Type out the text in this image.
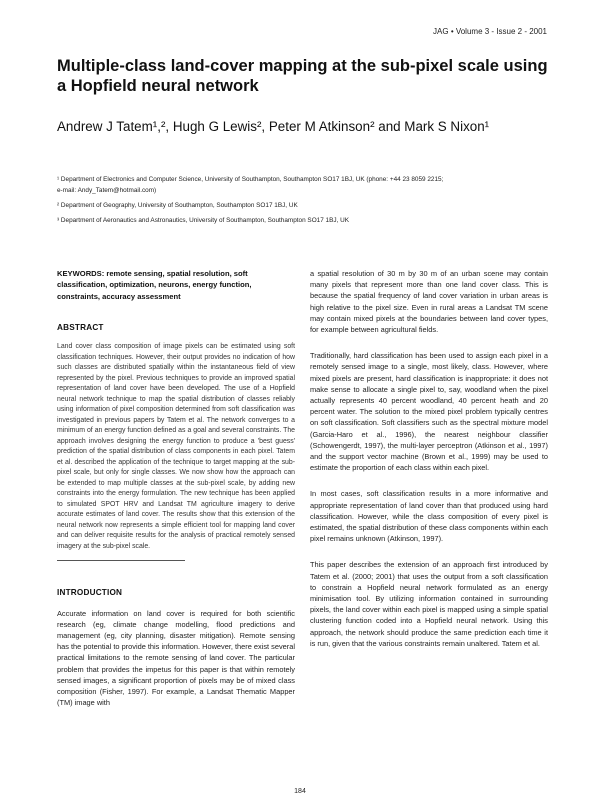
JAG • Volume 3 - Issue 2 - 2001
Multiple-class land-cover mapping at the sub-pixel scale using a Hopfield neural network

Andrew J Tatem¹,², Hugh G Lewis², Peter M Atkinson² and Mark S Nixon¹

¹ Department of Electronics and Computer Science, University of Southampton, Southampton SO17 1BJ, UK (phone: +44 23 8059 2215;

e-mail: Andy_Tatem@hotmail.com)

² Department of Geography, University of Southampton, Southampton SO17 1BJ, UK

³ Department of Aeronautics and Astronautics, University of Southampton, Southampton SO17 1BJ, UK

KEYWORDS: remote sensing, spatial resolution, soft classification, optimization, neurons, energy function, constraints, accuracy assessment

ABSTRACT

Land cover class composition of image pixels can be estimated using soft classification techniques. However, their output provides no indication of how such classes are distributed spatially within the instantaneous field of view represented by the pixel. Previous techniques to provide an improved spatial representation of land cover have been developed. The use of a Hopfield neural network technique to map the spatial distribution of classes reliably using information of pixel composition determined from soft classification was investigated in previous papers by Tatem et al. The network converges to a minimum of an energy function defined as a goal and several constraints. The approach involves designing the energy function to produce a 'best guess' prediction of the spatial distribution of class components in each pixel. Tatem et al. described the application of the technique to target mapping at the sub-pixel scale, but only for single classes. We now show how the approach can be extended to map multiple classes at the sub-pixel scale, by adding new constraints into the energy formulation. The new technique has been applied to simulated SPOT HRV and Landsat TM agriculture imagery to derive accurate estimates of land cover. The results show that this extension of the neural network now represents a simple efficient tool for mapping land cover and can deliver requisite results for the analysis of practical remotely sensed imagery at the sub-pixel scale.

INTRODUCTION

Accurate information on land cover is required for both scientific research (eg, climate change modelling, flood predictions and management (eg, city planning, disaster mitigation). Remote sensing has the potential to provide this information. However, there exist several practical limitations to the remote sensing of land cover. The particular problem that provides the impetus for this paper is that within remotely sensed images, a significant proportion of pixels may be of mixed class composition (Fisher, 1997). For example, a Landsat Thematic Mapper (TM) image with

a spatial resolution of 30 m by 30 m of an urban scene may contain many pixels that represent more than one land cover class. This is because the spatial frequency of land cover variation in urban areas is high relative to the pixel size. Even in rural areas a Landsat TM scene may contain mixed pixels at the boundaries between land cover types, for example between agricultural fields.

Traditionally, hard classification has been used to assign each pixel in a remotely sensed image to a single, most likely, class. However, where mixed pixels are present, hard classification is inappropriate: it does not make sense to allocate a single pixel to, say, woodland when the pixel actually represents 40 percent woodland, 40 percent heath and 20 percent water. The solution to the mixed pixel problem typically centres on soft classification. Soft classifiers such as the spectral mixture model (Garcia-Haro et al., 1996), the nearest neighbour classifier (Schowengerdt, 1997), the multi-layer perceptron (Atkinson et al., 1997) and the support vector machine (Brown et al., 1999) may be used to estimate the proportion of each class within each pixel.

In most cases, soft classification results in a more informative and appropriate representation of land cover than that produced using hard classification. However, while the class composition of every pixel is estimated, the spatial distribution of these class components within each pixel remains unknown (Atkinson, 1997).

This paper describes the extension of an approach first introduced by Tatem et al. (2000; 2001) that uses the output from a soft classification to constrain a Hopfield neural network formulated as an energy minimisation tool. By utilizing information contained in surrounding pixels, the land cover within each pixel is mapped using a simple spatial clustering function coded into a Hopfield neural network. Using this approach, the network should produce the same prediction each time it is run, given that the various constraints remain unaltered. Tatem et al.

184
